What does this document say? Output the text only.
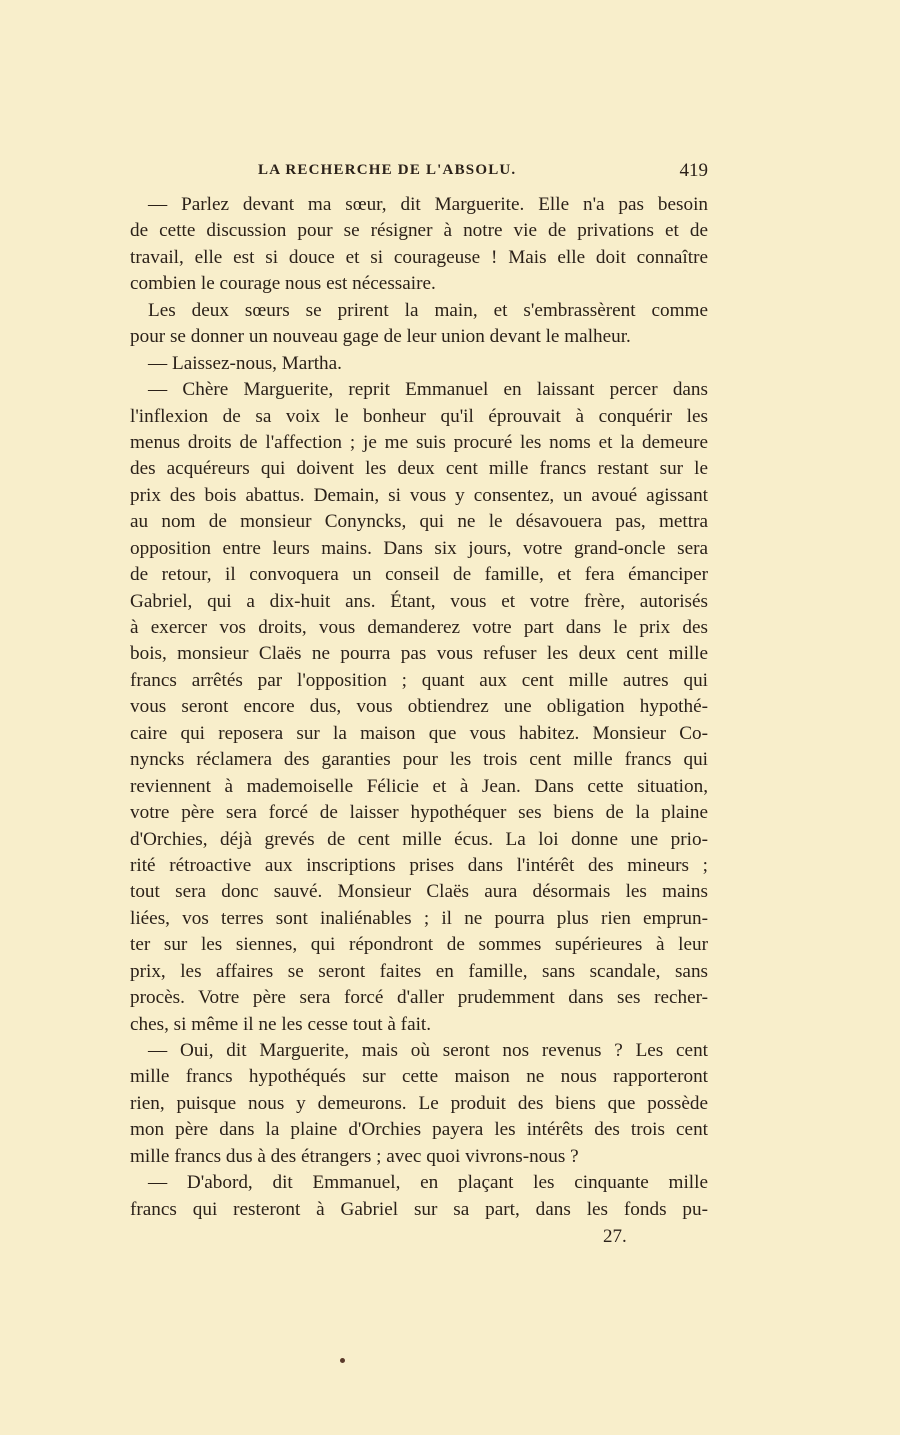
LA RECHERCHE DE L'ABSOLU.	419
— Parlez devant ma sœur, dit Marguerite. Elle n'a pas besoin
de cette discussion pour se résigner à notre vie de privations et de
travail, elle est si douce et si courageuse ! Mais elle doit connaître
combien le courage nous est nécessaire.
Les deux sœurs se prirent la main, et s'embrassèrent comme
pour se donner un nouveau gage de leur union devant le malheur.
— Laissez-nous, Martha.
— Chère Marguerite, reprit Emmanuel en laissant percer dans
l'inflexion de sa voix le bonheur qu'il éprouvait à conquérir les
menus droits de l'affection ; je me suis procuré les noms et la demeure
des acquéreurs qui doivent les deux cent mille francs restant sur le
prix des bois abattus. Demain, si vous y consentez, un avoué agissant
au nom de monsieur Conyncks, qui ne le désavouera pas, mettra
opposition entre leurs mains. Dans six jours, votre grand-oncle sera
de retour, il convoquera un conseil de famille, et fera émanciper
Gabriel, qui a dix-huit ans. Étant, vous et votre frère, autorisés
à exercer vos droits, vous demanderez votre part dans le prix des
bois, monsieur Claës ne pourra pas vous refuser les deux cent mille
francs arrêtés par l'opposition ; quant aux cent mille autres qui
vous seront encore dus, vous obtiendrez une obligation hypothé-
caire qui reposera sur la maison que vous habitez. Monsieur Co-
nyncks réclamera des garanties pour les trois cent mille francs qui
reviennent à mademoiselle Félicie et à Jean. Dans cette situation,
votre père sera forcé de laisser hypothéquer ses biens de la plaine
d'Orchies, déjà grevés de cent mille écus. La loi donne une prio-
rité rétroactive aux inscriptions prises dans l'intérêt des mineurs ;
tout sera donc sauvé. Monsieur Claës aura désormais les mains
liées, vos terres sont inaliénables ; il ne pourra plus rien emprun-
ter sur les siennes, qui répondront de sommes supérieures à leur
prix, les affaires se seront faites en famille, sans scandale, sans
procès. Votre père sera forcé d'aller prudemment dans ses recher-
ches, si même il ne les cesse tout à fait.
— Oui, dit Marguerite, mais où seront nos revenus ? Les cent
mille francs hypothéqués sur cette maison ne nous rapporteront
rien, puisque nous y demeurons. Le produit des biens que possède
mon père dans la plaine d'Orchies payera les intérêts des trois cent
mille francs dus à des étrangers ; avec quoi vivrons-nous ?
— D'abord, dit Emmanuel, en plaçant les cinquante mille
francs qui resteront à Gabriel sur sa part, dans les fonds pu-
27.
